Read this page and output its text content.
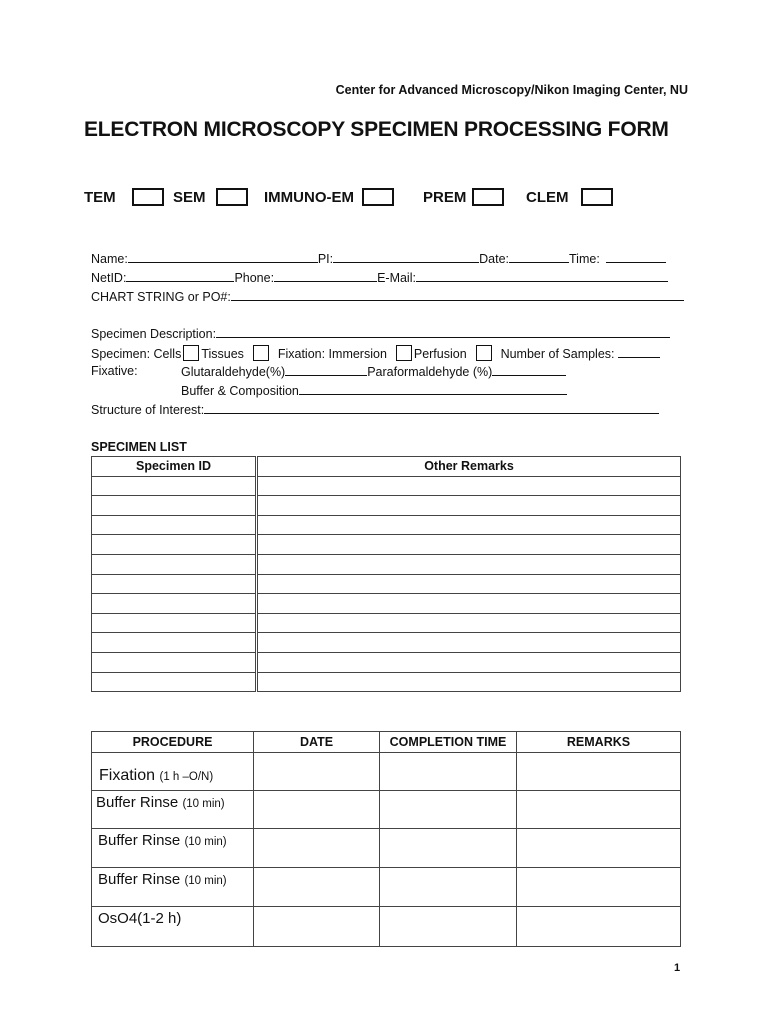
Center for Advanced Microscopy/Nikon Imaging Center, NU
ELECTRON MICROSCOPY SPECIMEN PROCESSING FORM
TEM	SEM	IMMUNO-EM	PREM	CLEM
Name:	PI:	Date:	Time:
NetID:	Phone:	E-Mail:
CHART STRING or PO#:
Specimen Description:
Specimen: Cells Tissues	Fixation: Immersion Perfusion	Number of Samples:
Fixative:	Glutaraldehyde(%)	Paraformaldehyde (%)
Buffer & Composition
Structure of Interest:
SPECIMEN LIST
Specimen ID	Other Remarks

PROCEDURE	DATE	COMPLETION TIME	REMARKS
Fixation (1 h –O/N)			
Buffer Rinse (10 min)			
Buffer Rinse (10 min)			
Buffer Rinse (10 min)			
OsO4(1-2 h)			
1
